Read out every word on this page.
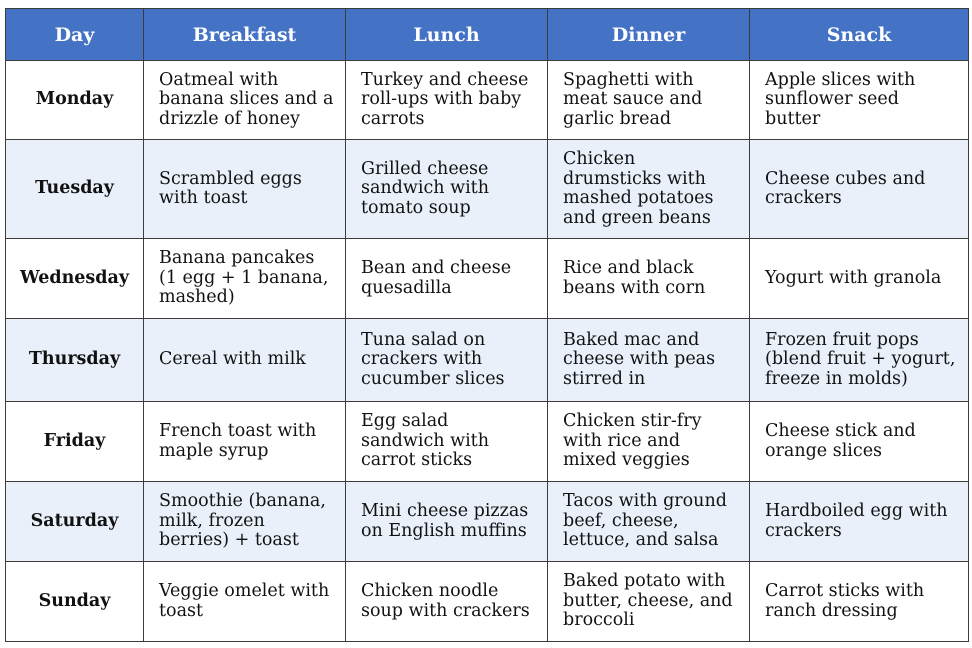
Day	Breakfast	Lunch	Dinner	Snack
Monday	Oatmeal with banana slices and a drizzle of honey	Turkey and cheese roll-ups with baby carrots	Spaghetti with meat sauce and garlic bread	Apple slices with sunflower seed butter
Tuesday	Scrambled eggs with toast	Grilled cheese sandwich with tomato soup	Chicken drumsticks with mashed potatoes and green beans	Cheese cubes and crackers
Wednesday	Banana pancakes (1 egg + 1 banana, mashed)	Bean and cheese quesadilla	Rice and black beans with corn	Yogurt with granola
Thursday	Cereal with milk	Tuna salad on crackers with cucumber slices	Baked mac and cheese with peas stirred in	Frozen fruit pops (blend fruit + yogurt, freeze in molds)
Friday	French toast with maple syrup	Egg salad sandwich with carrot sticks	Chicken stir-fry with rice and mixed veggies	Cheese stick and orange slices
Saturday	Smoothie (banana, milk, frozen berries) + toast	Mini cheese pizzas on English muffins	Tacos with ground beef, cheese, lettuce, and salsa	Hardboiled egg with crackers
Sunday	Veggie omelet with toast	Chicken noodle soup with crackers	Baked potato with butter, cheese, and broccoli	Carrot sticks with ranch dressing
